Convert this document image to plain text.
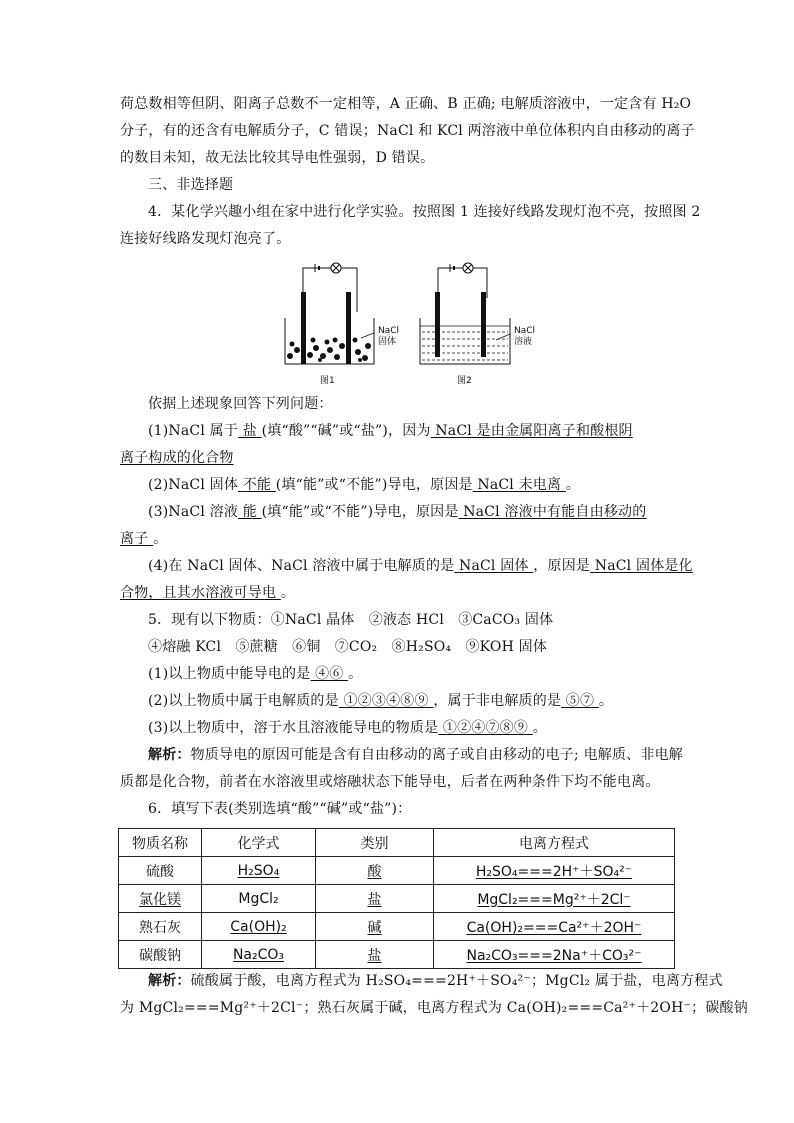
荷总数相等但阴、阳离子总数不一定相等，A 正确、B 正确; 电解质溶液中，一定含有 H₂O
分子，有的还含有电解质分子，C 错误；NaCl 和 KCl 两溶液中单位体积内自由移动的离子
的数目未知，故无法比较其导电性强弱，D 错误。
三、非选择题
4．某化学兴趣小组在家中进行化学实验。按照图 1 连接好线路发现灯泡不亮，按照图 2
连接好线路发现灯泡亮了。
NaCl
固体
NaCl
溶液
图1	图2
依据上述现象回答下列问题：
(1)NaCl 属于 盐 (填“酸”“碱”或“盐”)，因为 NaCl 是由金属阳离子和酸根阴
离子构成的化合物
(2)NaCl 固体 不能 (填“能”或“不能”)导电，原因是 NaCl 未电离 。
(3)NaCl 溶液 能 (填“能”或“不能”)导电，原因是 NaCl 溶液中有能自由移动的
离子 。
(4)在 NaCl 固体、NaCl 溶液中属于电解质的是 NaCl 固体 ，原因是 NaCl 固体是化
合物，且其水溶液可导电 。
5．现有以下物质：①NaCl 晶体　②液态 HCl　③CaCO₃ 固体
④熔融 KCl　⑤蔗糖　⑥铜　⑦CO₂　⑧H₂SO₄　⑨KOH 固体
(1)以上物质中能导电的是 ④⑥ 。
(2)以上物质中属于电解质的是 ①②③④⑧⑨ ，属于非电解质的是 ⑤⑦ 。
(3)以上物质中，溶于水且溶液能导电的物质是 ①②④⑦⑧⑨ 。
解析：物质导电的原因可能是含有自由移动的离子或自由移动的电子; 电解质、非电解
质都是化合物，前者在水溶液里或熔融状态下能导电，后者在两种条件下均不能电离。
6．填写下表(类别选填“酸”“碱”或“盐”)：
物质名称	化学式	类别	电离方程式
硫酸	H₂SO₄	酸	H₂SO₄===2H⁺＋SO₄²⁻
氯化镁	MgCl₂	盐	MgCl₂===Mg²⁺＋2Cl⁻
熟石灰	Ca(OH)₂	碱	Ca(OH)₂===Ca²⁺＋2OH⁻
碳酸钠	Na₂CO₃	盐	Na₂CO₃===2Na⁺＋CO₃²⁻
解析：硫酸属于酸，电离方程式为 H₂SO₄===2H⁺＋SO₄²⁻；MgCl₂ 属于盐，电离方程式
为 MgCl₂===Mg²⁺＋2Cl⁻；熟石灰属于碱，电离方程式为 Ca(OH)₂===Ca²⁺＋2OH⁻；碳酸钠
